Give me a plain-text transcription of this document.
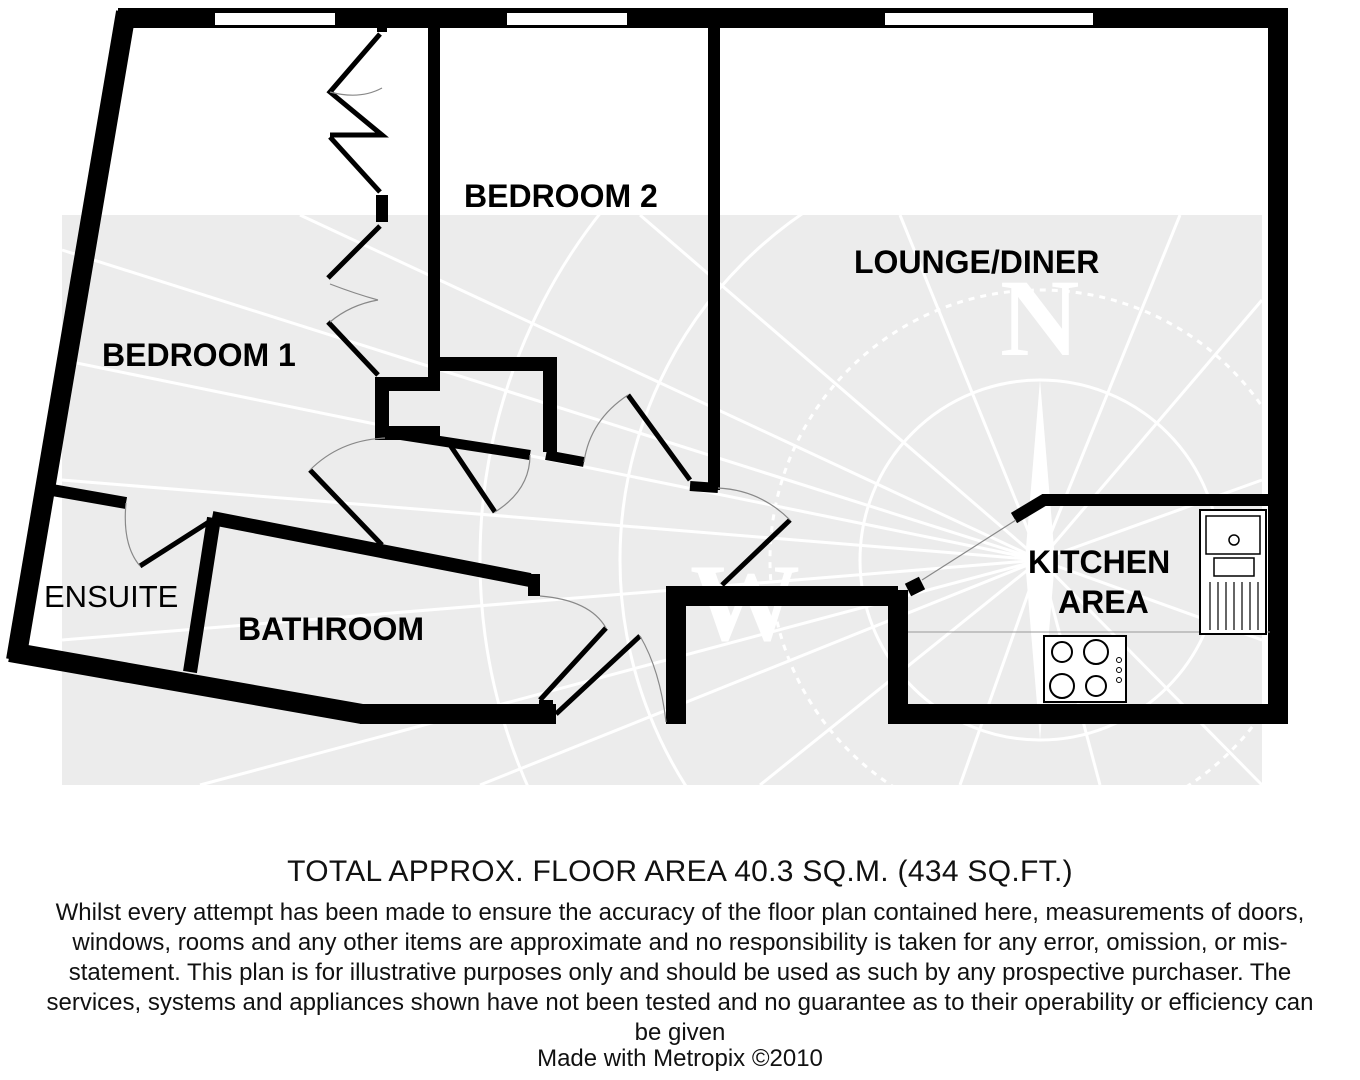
N
W
BEDROOM 1
BEDROOM 2
LOUNGE/DINER
KITCHEN
AREA
ENSUITE
BATHROOM
TOTAL APPROX. FLOOR AREA 40.3 SQ.M. (434 SQ.FT.)
Whilst every attempt has been made to ensure the accuracy of the floor plan contained here, measurements of doors, windows, rooms and any other items are approximate and no responsibility is taken for any error, omission, or mis-statement. This plan is for illustrative purposes only and should be used as such by any prospective purchaser. The services, systems and appliances shown have not been tested and no guarantee as to their operability or efficiency can be given
Made with Metropix ©2010
